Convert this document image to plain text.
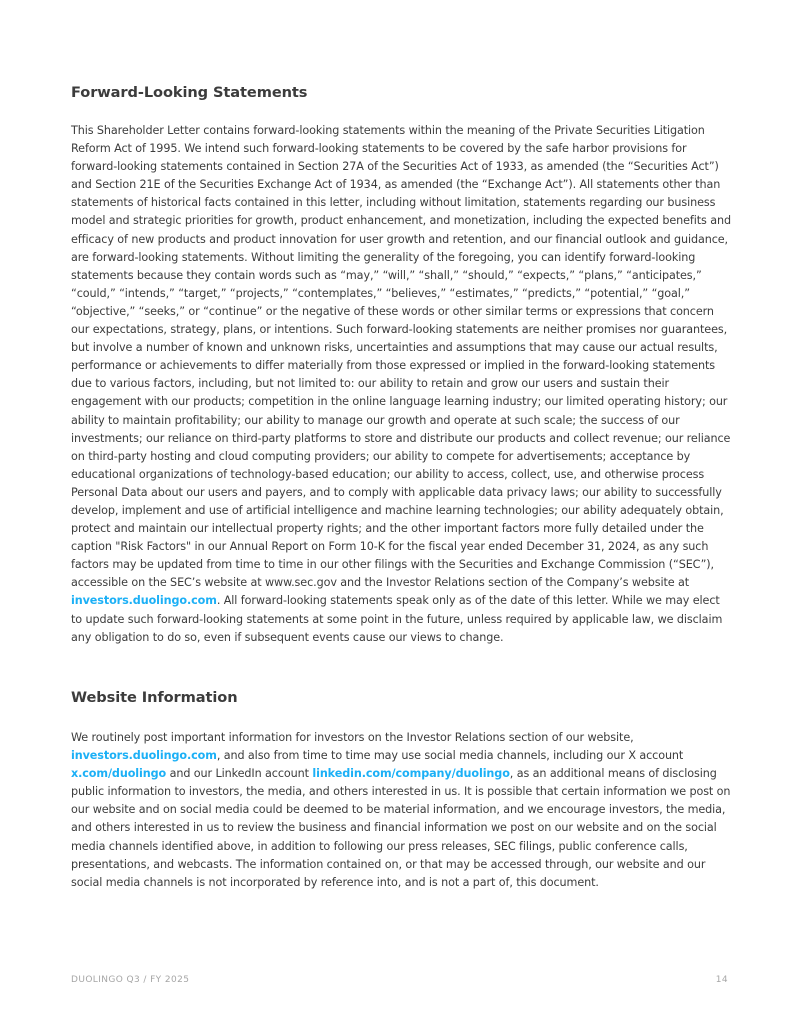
Forward-Looking Statements

This Shareholder Letter contains forward-looking statements within the meaning of the Private Securities Litigation Reform Act of 1995. We intend such forward-looking statements to be covered by the safe harbor provisions for forward-looking statements contained in Section 27A of the Securities Act of 1933, as amended (the “Securities Act”) and Section 21E of the Securities Exchange Act of 1934, as amended (the “Exchange Act”). All statements other than statements of historical facts contained in this letter, including without limitation, statements regarding our business model and strategic priorities for growth, product enhancement, and monetization, including the expected benefits and efficacy of new products and product innovation for user growth and retention, and our financial outlook and guidance, are forward-looking statements. Without limiting the generality of the foregoing, you can identify forward-looking statements because they contain words such as “may,” “will,” “shall,” “should,” “expects,” “plans,” “anticipates,” “could,” “intends,” “target,” “projects,” “contemplates,” “believes,” “estimates,” “predicts,” “potential,” “goal,” “objective,” “seeks,” or “continue” or the negative of these words or other similar terms or expressions that concern our expectations, strategy, plans, or intentions. Such forward-looking statements are neither promises nor guarantees, but involve a number of known and unknown risks, uncertainties and assumptions that may cause our actual results, performance or achievements to differ materially from those expressed or implied in the forward-looking statements due to various factors, including, but not limited to: our ability to retain and grow our users and sustain their engagement with our products; competition in the online language learning industry; our limited operating history; our ability to maintain profitability; our ability to manage our growth and operate at such scale; the success of our investments; our reliance on third-party platforms to store and distribute our products and collect revenue; our reliance on third-party hosting and cloud computing providers; our ability to compete for advertisements; acceptance by educational organizations of technology-based education; our ability to access, collect, use, and otherwise process Personal Data about our users and payers, and to comply with applicable data privacy laws; our ability to successfully develop, implement and use of artificial intelligence and machine learning technologies; our ability adequately obtain, protect and maintain our intellectual property rights; and the other important factors more fully detailed under the caption "Risk Factors" in our Annual Report on Form 10-K for the fiscal year ended December 31, 2024, as any such factors may be updated from time to time in our other filings with the Securities and Exchange Commission (“SEC”), accessible on the SEC’s website at www.sec.gov and the Investor Relations section of the Company’s website at investors.duolingo.com. All forward-looking statements speak only as of the date of this letter. While we may elect to update such forward-looking statements at some point in the future, unless required by applicable law, we disclaim any obligation to do so, even if subsequent events cause our views to change.

Website Information

We routinely post important information for investors on the Investor Relations section of our website, investors.duolingo.com, and also from time to time may use social media channels, including our X account x.com/duolingo and our LinkedIn account linkedin.com/company/duolingo, as an additional means of disclosing public information to investors, the media, and others interested in us. It is possible that certain information we post on our website and on social media could be deemed to be material information, and we encourage investors, the media, and others interested in us to review the business and financial information we post on our website and on the social media channels identified above, in addition to following our press releases, SEC filings, public conference calls, presentations, and webcasts. The information contained on, or that may be accessed through, our website and our social media channels is not incorporated by reference into, and is not a part of, this document.

DUOLINGO Q3 / FY 2025	14
